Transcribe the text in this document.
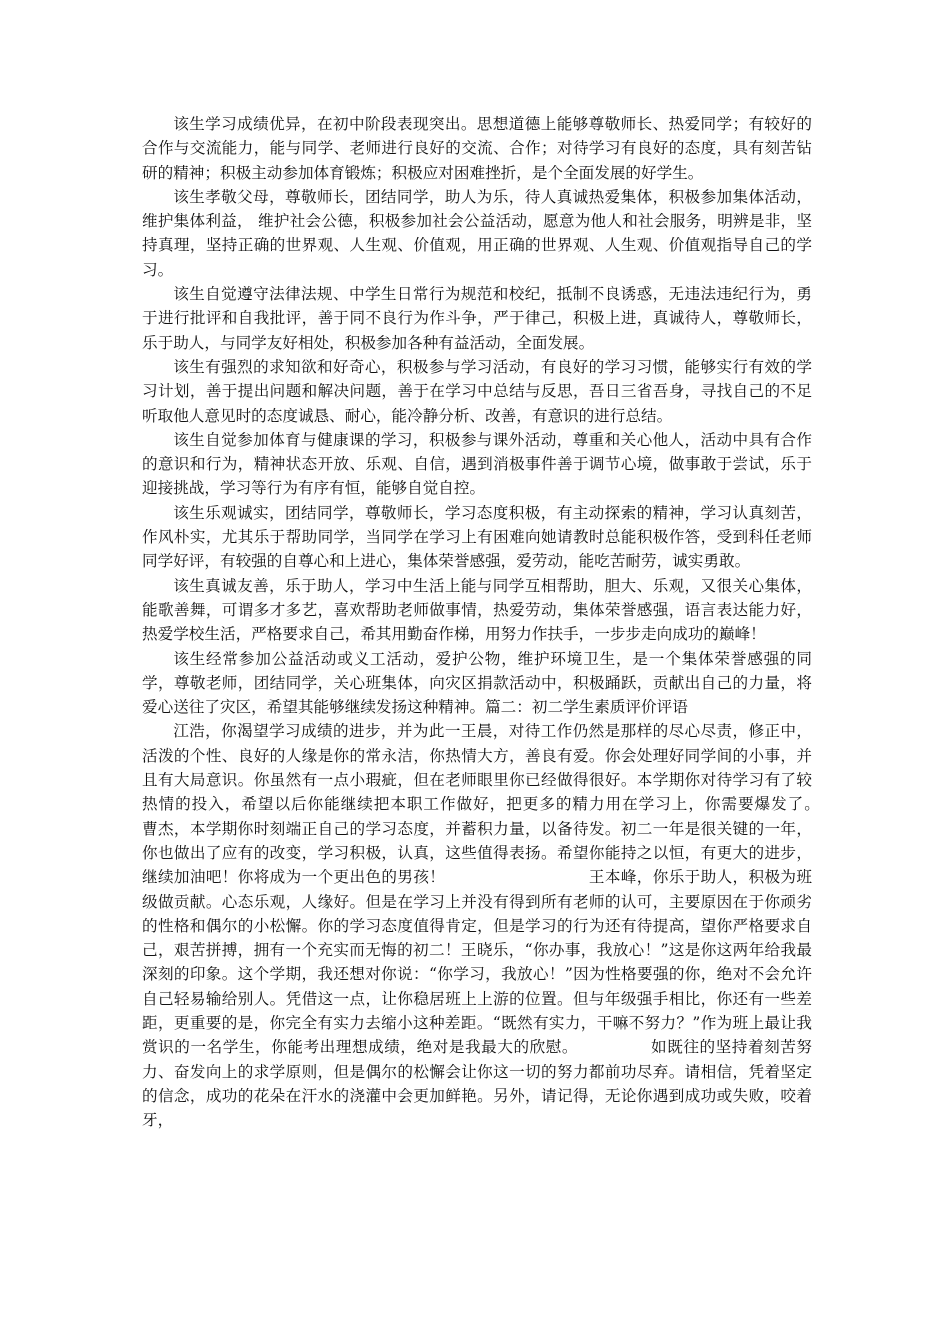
该生学习成绩优异，在初中阶段表现突出。思想道德上能够尊敬师长、热爱同学；有较好的合作与交流能力，能与同学、老师进行良好的交流、合作；对待学习有良好的态度，具有刻苦钻研的精神；积极主动参加体育锻炼；积极应对困难挫折，是个全面发展的好学生。

该生孝敬父母，尊敬师长，团结同学，助人为乐，待人真诚热爱集体，积极参加集体活动，维护集体利益， 维护社会公德，积极参加社会公益活动，愿意为他人和社会服务，明辨是非，坚持真理，坚持正确的世界观、人生观、价值观，用正确的世界观、人生观、价值观指导自己的学习。

该生自觉遵守法律法规、中学生日常行为规范和校纪，抵制不良诱惑，无违法违纪行为，勇于进行批评和自我批评，善于同不良行为作斗争，严于律己，积极上进，真诚待人，尊敬师长，乐于助人，与同学友好相处，积极参加各种有益活动，全面发展。

该生有强烈的求知欲和好奇心，积极参与学习活动，有良好的学习习惯，能够实行有效的学习计划，善于提出问题和解决问题，善于在学习中总结与反思，吾日三省吾身，寻找自己的不足听取他人意见时的态度诚恳、耐心，能冷静分析、改善，有意识的进行总结。

该生自觉参加体育与健康课的学习，积极参与课外活动，尊重和关心他人，活动中具有合作的意识和行为，精神状态开放、乐观、自信，遇到消极事件善于调节心境，做事敢于尝试，乐于迎接挑战，学习等行为有序有恒，能够自觉自控。

该生乐观诚实，团结同学，尊敬师长，学习态度积极，有主动探索的精神，学习认真刻苦，作风朴实，尤其乐于帮助同学，当同学在学习上有困难向她请教时总能积极作答，受到科任老师同学好评，有较强的自尊心和上进心，集体荣誉感强，爱劳动，能吃苦耐劳，诚实勇敢。

该生真诚友善，乐于助人，学习中生活上能与同学互相帮助，胆大、乐观，又很关心集体，能歌善舞，可谓多才多艺，喜欢帮助老师做事情，热爱劳动，集体荣誉感强，语言表达能力好，热爱学校生活，严格要求自己，希其用勤奋作梯，用努力作扶手，一步步走向成功的巅峰！

该生经常参加公益活动或义工活动，爱护公物，维护环境卫生，是一个集体荣誉感强的同学，尊敬老师，团结同学，关心班集体，向灾区捐款活动中，积极踊跃，贡献出自己的力量，将爱心送往了灾区，希望其能够继续发扬这种精神。篇二：初二学生素质评价评语

江浩，你渴望学习成绩的进步，并为此一王晨，对待工作仍然是那样的尽心尽责，修正中，活泼的个性、良好的人缘是你的常永洁，你热情大方，善良有爱。你会处理好同学间的小事，并且有大局意识。你虽然有一点小瑕疵，但在老师眼里你已经做得很好。本学期你对待学习有了较热情的投入，希望以后你能继续把本职工作做好，把更多的精力用在学习上，你需要爆发了。　　曹杰，本学期你时刻端正自己的学习态度，并蓄积力量，以备待发。初二一年是很关键的一年，你也做出了应有的改变，学习积极，认真，这些值得表扬。希望你能持之以恒，有更大的进步，继续加油吧！你将成为一个更出色的男孩！　　　　　　　　　王本峰，你乐于助人，积极为班级做贡献。心态乐观，人缘好。但是在学习上并没有得到所有老师的认可，主要原因在于你顽劣的性格和偶尔的小松懈。你的学习态度值得肯定，但是学习的行为还有待提高，望你严格要求自己，艰苦拼搏，拥有一个充实而无悔的初二！王晓乐，“你办事，我放心！”这是你这两年给我最深刻的印象。这个学期，我还想对你说：“你学习，我放心！”因为性格要强的你，绝对不会允许自己轻易输给别人。凭借这一点，让你稳居班上上游的位置。但与年级强手相比，你还有一些差距，更重要的是，你完全有实力去缩小这种差距。“既然有实力，干嘛不努力？”作为班上最让我赏识的一名学生，你能考出理想成绩，绝对是我最大的欣慰。　　　　　如既往的坚持着刻苦努力、奋发向上的求学原则，但是偶尔的松懈会让你这一切的努力都前功尽弃。请相信，凭着坚定的信念，成功的花朵在汗水的浇灌中会更加鲜艳。另外，请记得，无论你遇到成功或失败，咬着牙，
